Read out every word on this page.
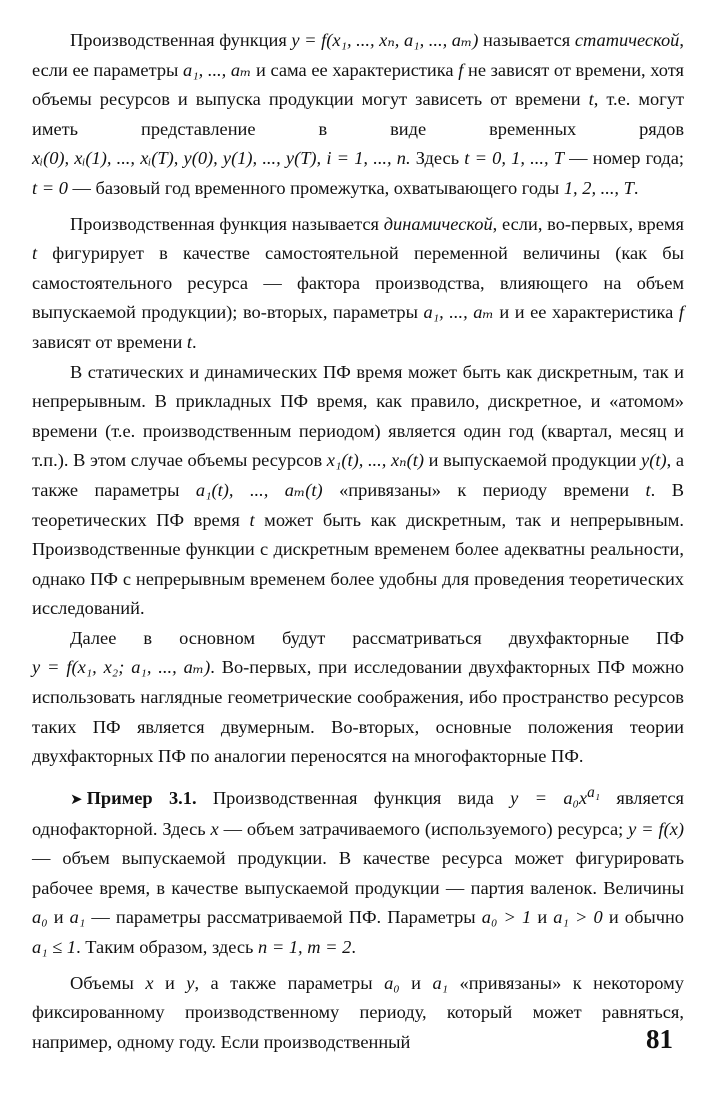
Производственная функция y = f(x₁, ..., xₙ, a₁, ..., aₘ) называется статической, если ее параметры a₁, ..., aₘ и сама ее характеристика f не зависят от времени, хотя объемы ресурсов и выпуска продукции могут зависеть от времени t, т.е. могут иметь представление в виде временных рядов xᵢ(0), xᵢ(1), ..., xᵢ(T), y(0), y(1), ..., y(T), i = 1, ..., n. Здесь t = 0, 1, ..., T — номер года; t = 0 — базовый год временного промежутка, охватывающего годы 1, 2, ..., T.

Производственная функция называется динамической, если, во-первых, время t фигурирует в качестве самостоятельной переменной величины (как бы самостоятельного ресурса — фактора производства, влияющего на объем выпускаемой продукции); во-вторых, параметры a₁, ..., aₘ и и ее характеристика f зависят от времени t.

В статических и динамических ПФ время может быть как дискретным, так и непрерывным. В прикладных ПФ время, как правило, дискретное, и «атомом» времени (т.е. производственным периодом) является один год (квартал, месяц и т.п.). В этом случае объемы ресурсов x₁(t), ..., xₙ(t) и выпускаемой продукции y(t), а также параметры a₁(t), ..., aₘ(t) «привязаны» к периоду времени t. В теоретических ПФ время t может быть как дискретным, так и непрерывным. Производственные функции с дискретным временем более адекватны реальности, однако ПФ с непрерывным временем более удобны для проведения теоретических исследований.

Далее в основном будут рассматриваться двухфакторные ПФ y = f(x₁, x₂; a₁, ..., aₘ). Во-первых, при исследовании двухфакторных ПФ можно использовать наглядные геометрические соображения, ибо пространство ресурсов таких ПФ является двумерным. Во-вторых, основные положения теории двухфакторных ПФ по аналогии переносятся на многофакторные ПФ.

➤ Пример 3.1. Производственная функция вида $y = a_0x^{a_1}$ является однофакторной. Здесь x — объем затрачиваемого (используемого) ресурса; y = f(x) — объем выпускаемой продукции. В качестве ресурса может фигурировать рабочее время, в качестве выпускаемой продукции — партия валенок. Величины a₀ и a₁ — параметры рассматриваемой ПФ. Параметры a₀ > 1 и a₁ > 0 и обычно a₁ ≤ 1. Таким образом, здесь n = 1, m = 2.

Объемы x и y, а также параметры a₀ и a₁ «привязаны» к некоторому фиксированному производственному периоду, который может равняться, например, одному году. Если производственный	81
